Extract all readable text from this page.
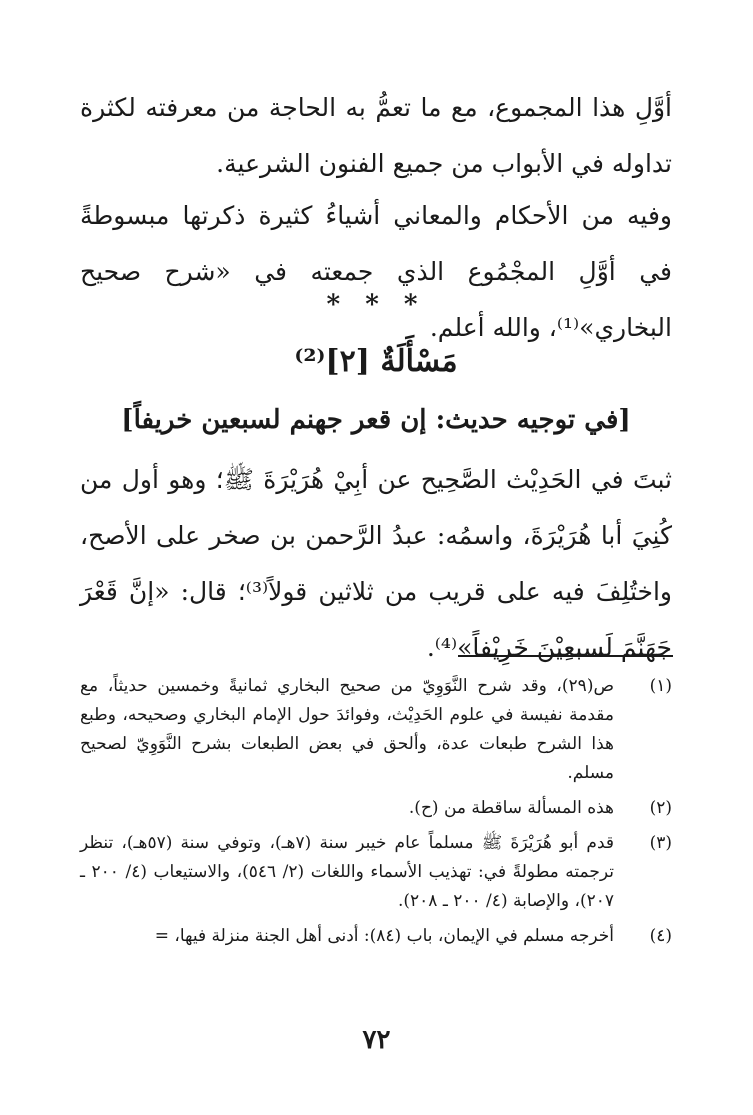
أوَّلِ هذا المجموع، مع ما تعمُّ به الحاجة من معرفته لكثرة تداوله في الأبواب من جميع الفنون الشرعية.

وفيه من الأحكام والمعاني أشياءُ كثيرة ذكرتها مبسوطةً في أوَّلِ المجْمُوع الذي جمعته في «شرح صحيح البخاري»⁽¹⁾، والله أعلم.

* * *
مَسْأَلَةٌ [٢]⁽²⁾
[في توجيه حديث: إن قعر جهنم لسبعين خريفاً]

ثبتَ في الحَدِيْث الصَّحِيح عن أبِيْ هُرَيْرَةَ ﷺ؛ وهو أول من كُنِيَ أبا هُرَيْرَةَ، واسمُه: عبدُ الرَّحمن بن صخر على الأصح، واختُلِفَ فيه على قريب من ثلاثين قولاً⁽³⁾؛ قال: «إنَّ قَعْرَ جَهَنَّمَ لَسبعِيْنَ خَرِيْفاً»⁽⁴⁾.

(١)
ص(٢٩)، وقد شرح النَّوَوِيّ من صحيح البخاري ثمانيةً وخمسين حديثاً، مع مقدمة نفيسة في علوم الحَدِيْث، وفوائدَ حول الإمام البخاري وصحيحه، وطبع هذا الشرح طبعات عدة، وألحق في بعض الطبعات بشرح النَّوَوِيّ لصحيح مسلم.
(٢)
هذه المسألة ساقطة من (ح).
(٣)
قدم أبو هُرَيْرَةَ ﷺ مسلماً عام خيبر سنة (٧هـ)، وتوفي سنة (٥٧هـ)، تنظر ترجمته مطولةً في: تهذيب الأسماء واللغات (٢/ ٥٤٦)، والاستيعاب (٤/ ٢٠٠ ـ ٢٠٧)، والإصابة (٤/ ٢٠٠ ـ ٢٠٨).
(٤)
أخرجه مسلم في الإيمان، باب (٨٤): أدنى أهل الجنة منزلة فيها، =
٧٢
